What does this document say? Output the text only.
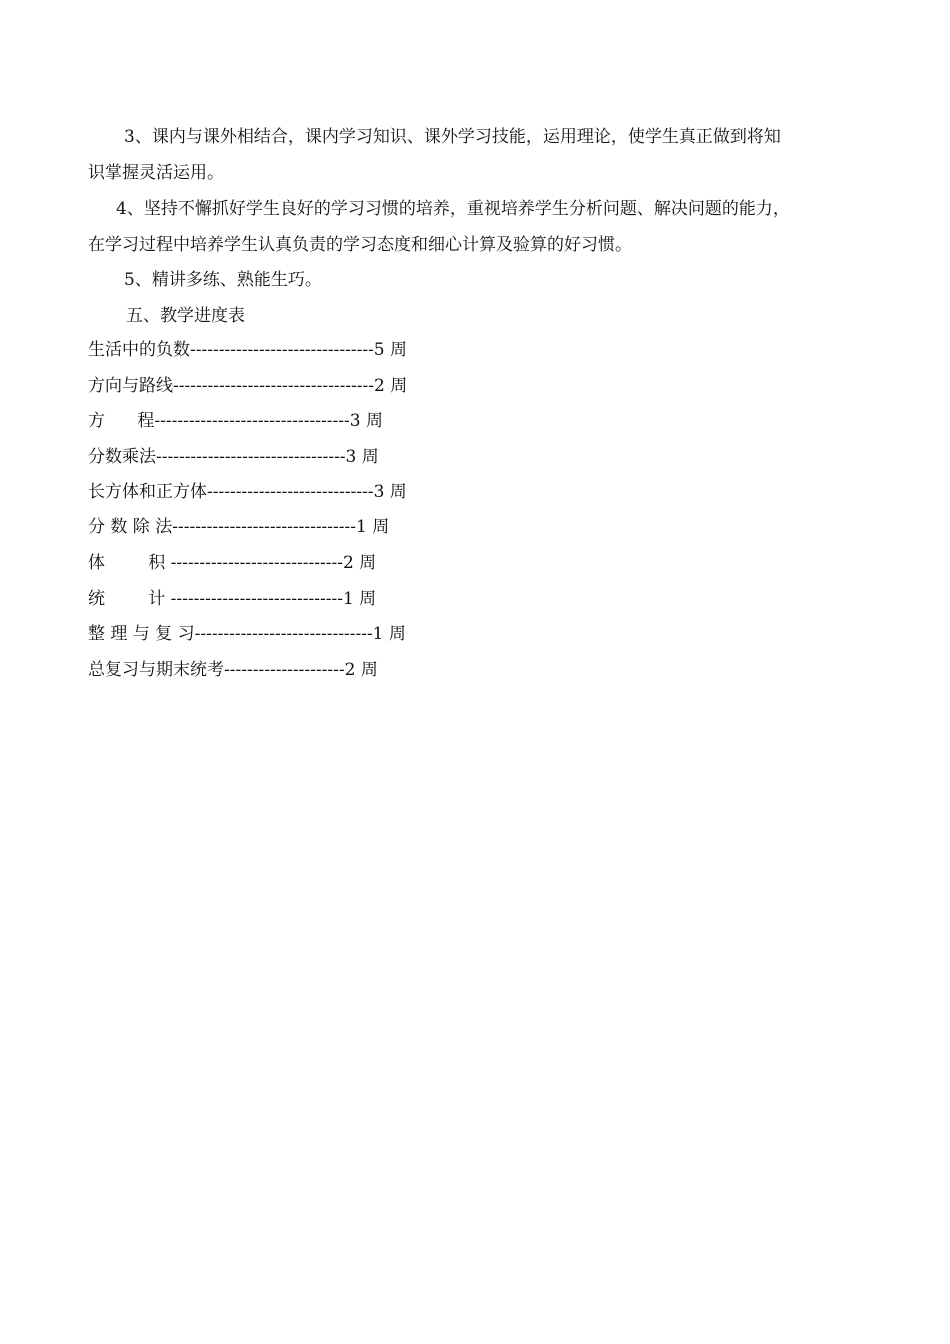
3、课内与课外相结合，课内学习知识、课外学习技能，运用理论，使学生真正做到将知
识掌握灵活运用。
4、坚持不懈抓好学生良好的学习习惯的培养，重视培养学生分析问题、解决问题的能力，
在学习过程中培养学生认真负责的学习态度和细心计算及验算的好习惯。
5、精讲多练、熟能生巧。
五、教学进度表
生活中的负数--------------------------------5 周
方向与路线-----------------------------------2 周
方      程----------------------------------3 周
分数乘法---------------------------------3 周
长方体和正方体-----------------------------3 周
分 数 除 法--------------------------------1 周
体        积 ------------------------------2 周
统        计 ------------------------------1 周
整 理 与 复 习-------------------------------1 周
总复习与期末统考---------------------2 周
